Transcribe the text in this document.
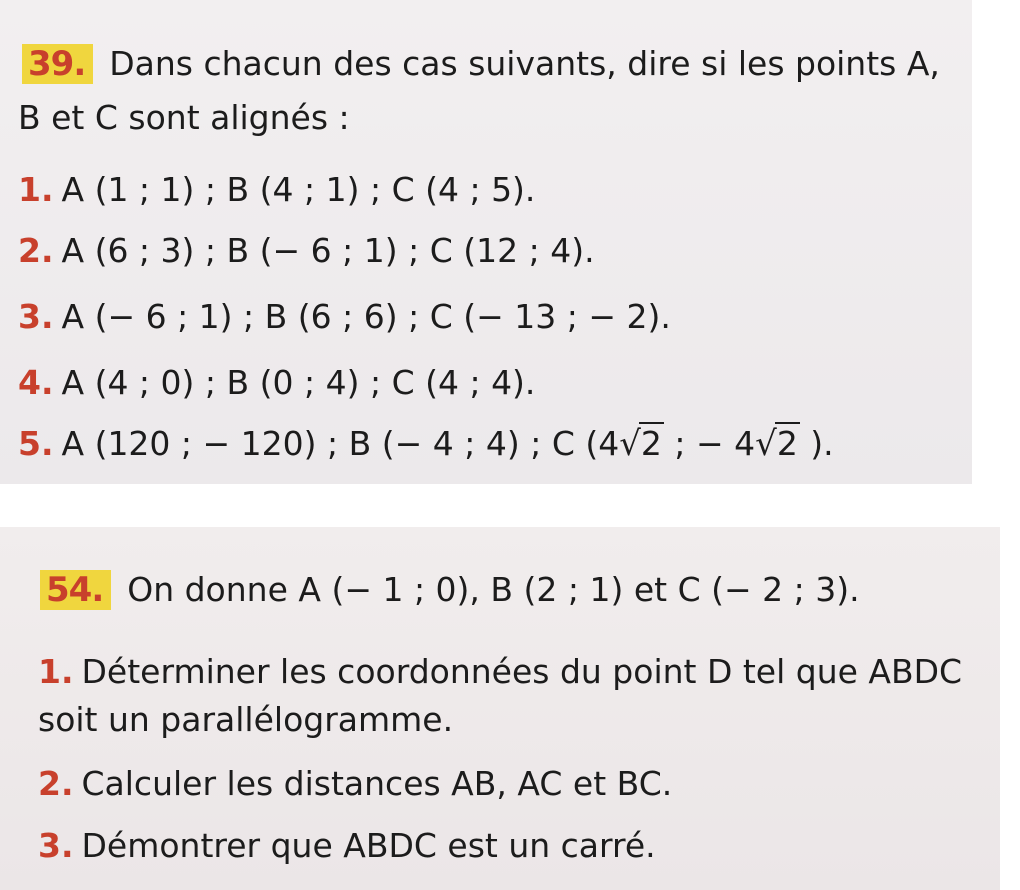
39. Dans chacun des cas suivants, dire si les points A,
B et C sont alignés :
1. A (1 ; 1) ; B (4 ; 1) ; C (4 ; 5).
2. A (6 ; 3) ; B (− 6 ; 1) ; C (12 ; 4).
3. A (− 6 ; 1) ; B (6 ; 6) ; C (− 13 ; − 2).
4. A (4 ; 0) ; B (0 ; 4) ; C (4 ; 4).
5. A (120 ; − 120) ; B (− 4 ; 4) ; C (4√2 ; − 4√2 ).
54. On donne A (− 1 ; 0), B (2 ; 1) et C (− 2 ; 3).
1. Déterminer les coordonnées du point D tel que ABDC
soit un parallélogramme.
2. Calculer les distances AB, AC et BC.
3. Démontrer que ABDC est un carré.
